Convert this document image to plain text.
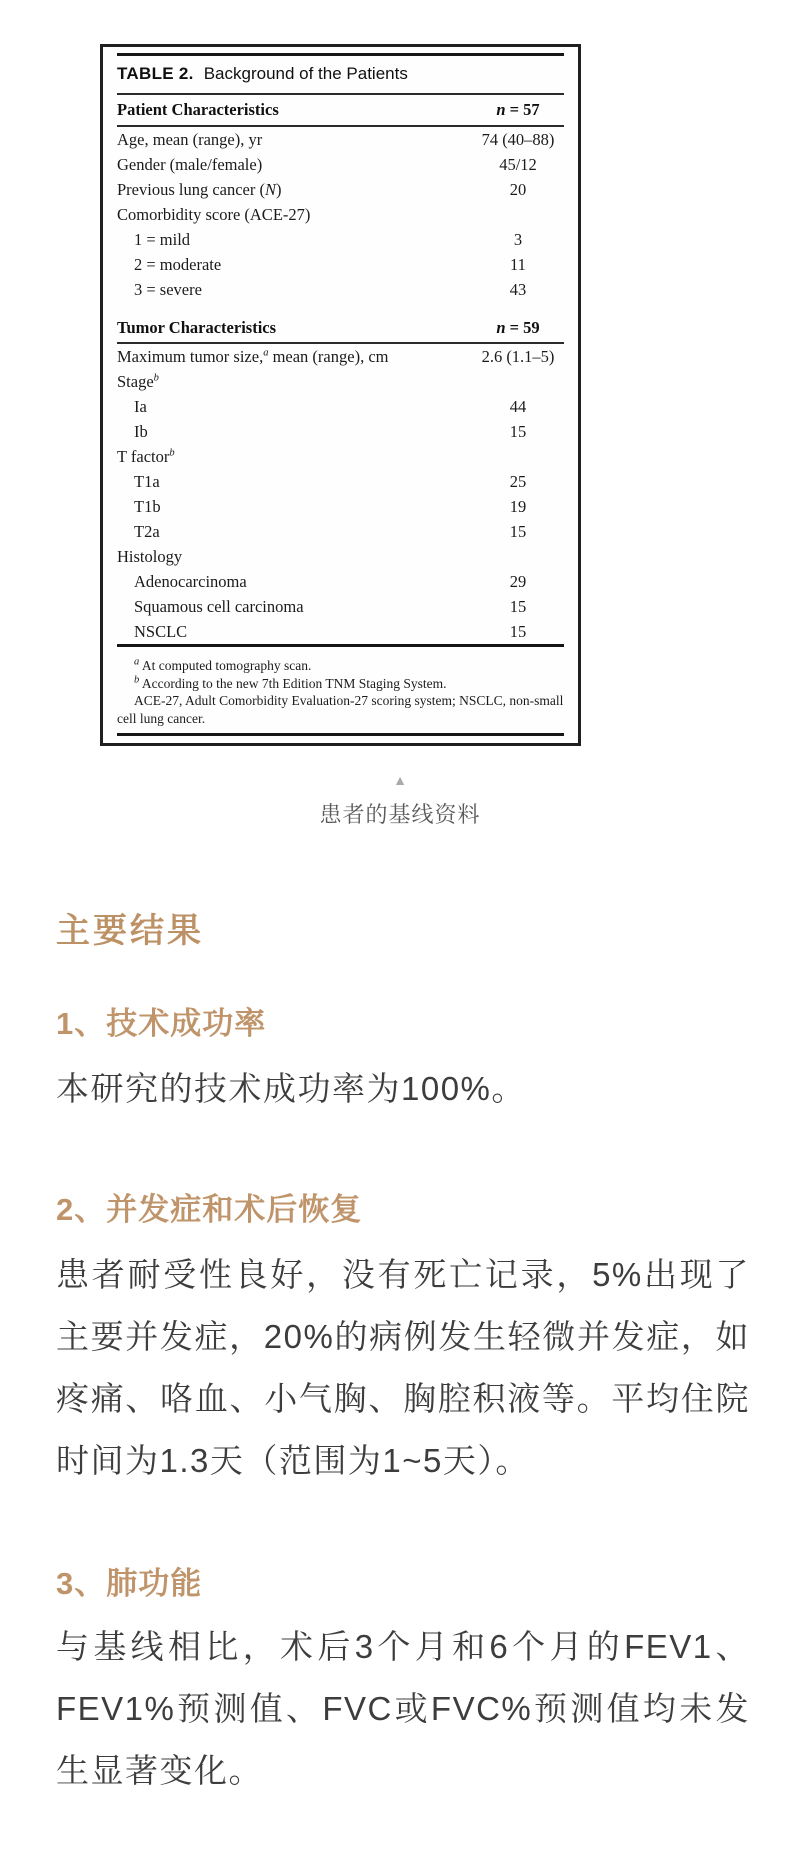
TABLE 2. Background of the Patients
Patient Characteristics	n = 57
Age, mean (range), yr	74 (40–88)
Gender (male/female)	45/12
Previous lung cancer (N)	20
Comorbidity score (ACE-27)
1 = mild	3
2 = moderate	11
3 = severe	43
Tumor Characteristics	n = 59
Maximum tumor size,$^a$ mean (range), cm	2.6 (1.1–5)
Stage$^b$
Ia	44
Ib	15
T factor$^b$
T1a	25
T1b	19
T2a	15
Histology
Adenocarcinoma	29
Squamous cell carcinoma	15
NSCLC	15

$^a$ At computed tomography scan.

$^b$ According to the new 7th Edition TNM Staging System.

ACE-27, Adult Comorbidity Evaluation-27 scoring system; NSCLC, non-small cell lung cancer.

▲
患者的基线资料
主要结果
1、技术成功率

本研究的技术成功率为100%。

2、并发症和术后恢复

患者耐受性良好，没有死亡记录，5%出现了主要并发症，20%的病例发生轻微并发症，如疼痛、咯血、小气胸、胸腔积液等。平均住院时间为1.3天（范围为1~5天）。

3、肺功能

与基线相比，术后3个月和6个月的FEV1、FEV1%预测值、FVC或FVC%预测值均未发生显著变化。
